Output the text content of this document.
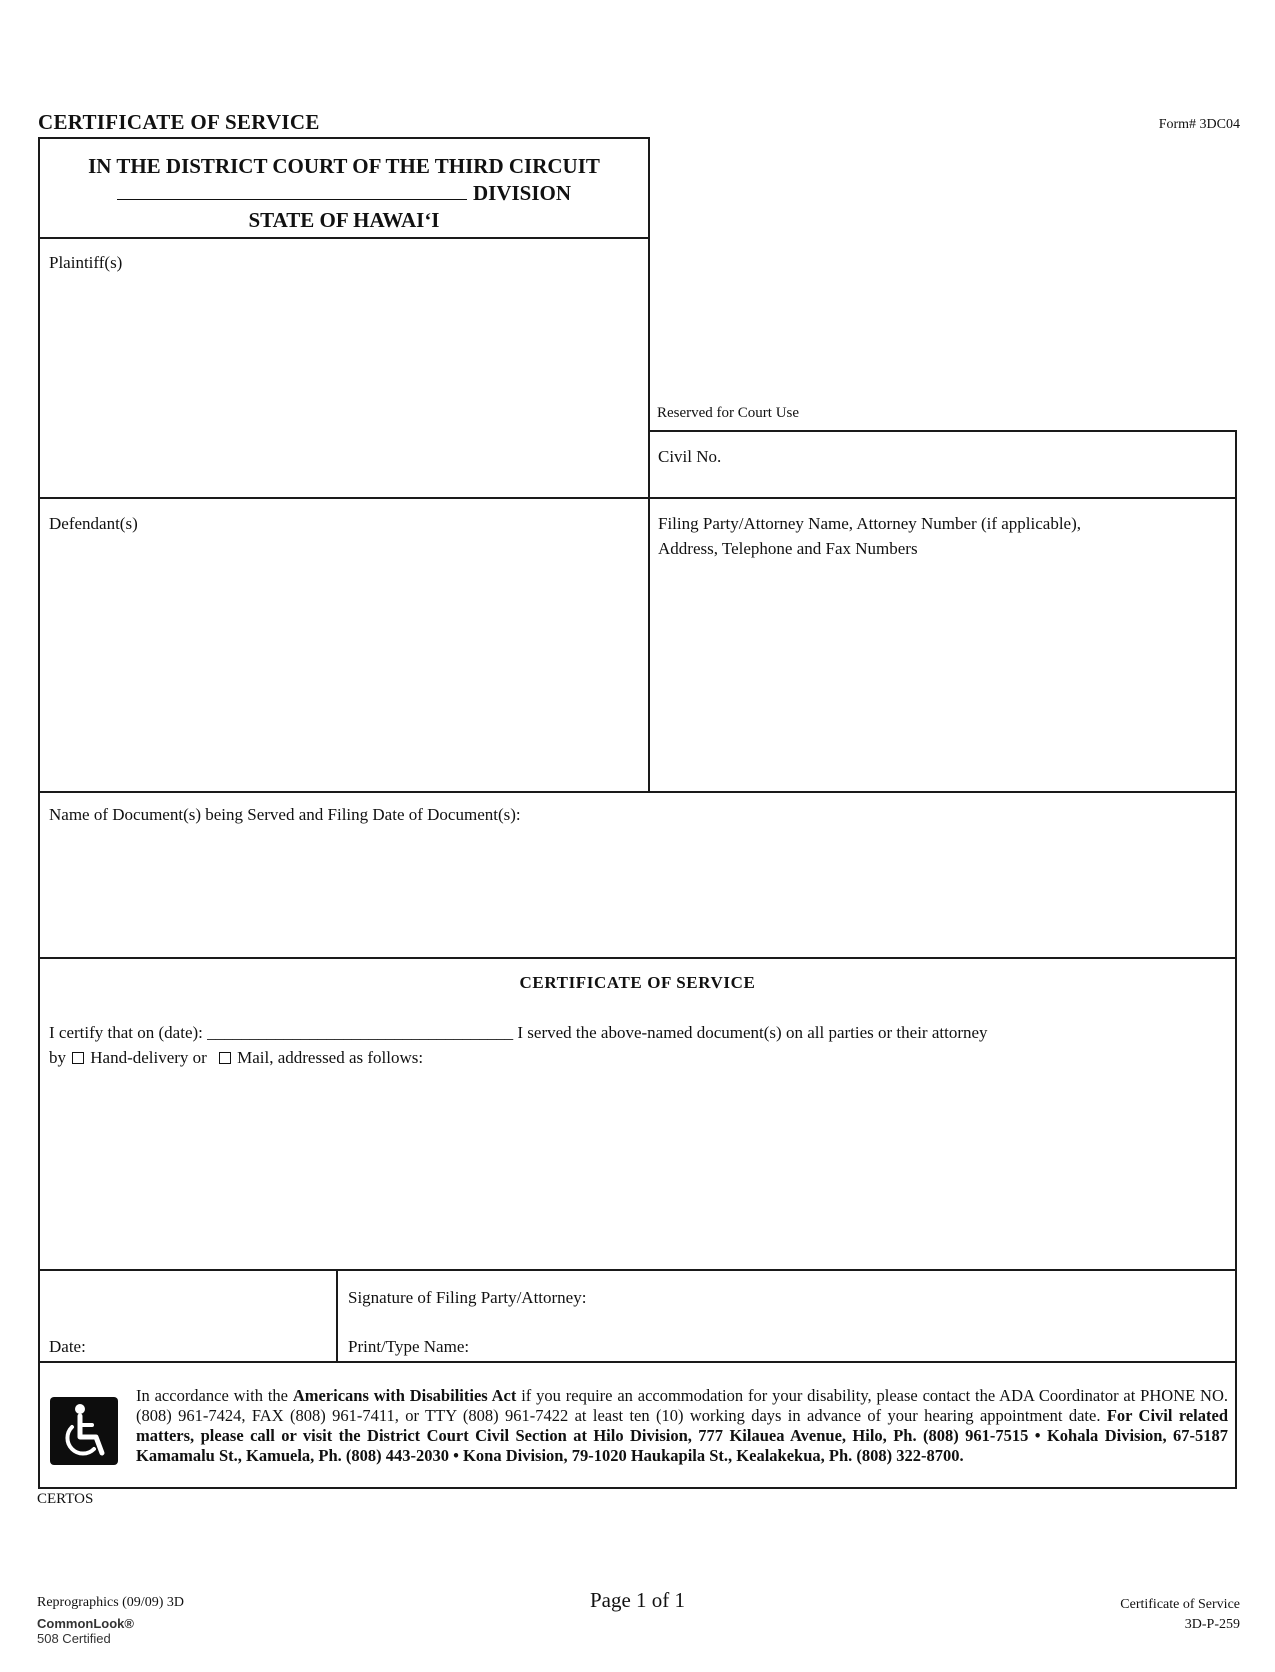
CERTIFICATE OF SERVICE	Form# 3DC04
IN THE DISTRICT COURT OF THE THIRD CIRCUIT
DIVISION
STATE OF HAWAIʻI
Reserved for Court Use
Plaintiff(s)
Defendant(s)
Civil No.
Filing Party/Attorney Name, Attorney Number (if applicable),
Address, Telephone and Fax Numbers
Name of Document(s) being Served and Filing Date of Document(s):
CERTIFICATE OF SERVICE
I certify that on (date): ____________________________________ I served the above-named document(s) on all parties or their attorney
by Hand-delivery or Mail, addressed as follows:
Date:
Signature of Filing Party/Attorney:
Print/Type Name:
In accordance with the Americans with Disabilities Act if you require an accommodation for your disability, please contact the ADA Coordinator at PHONE NO. (808) 961-7424, FAX (808) 961-7411, or TTY (808) 961-7422 at least ten (10) working days in advance of your hearing appointment date. For Civil related matters, please call or visit the District Court Civil Section at Hilo Division, 777 Kilauea Avenue, Hilo, Ph. (808) 961-7515 • Kohala Division, 67-5187 Kamamalu St., Kamuela, Ph. (808) 443-2030 • Kona Division, 79-1020 Haukapila St., Kealakekua, Ph. (808) 322-8700.
CERTOS
Reprographics (09/09) 3D
CommonLook®
508 Certified
Page 1 of 1	Certificate of Service
3D-P-259
